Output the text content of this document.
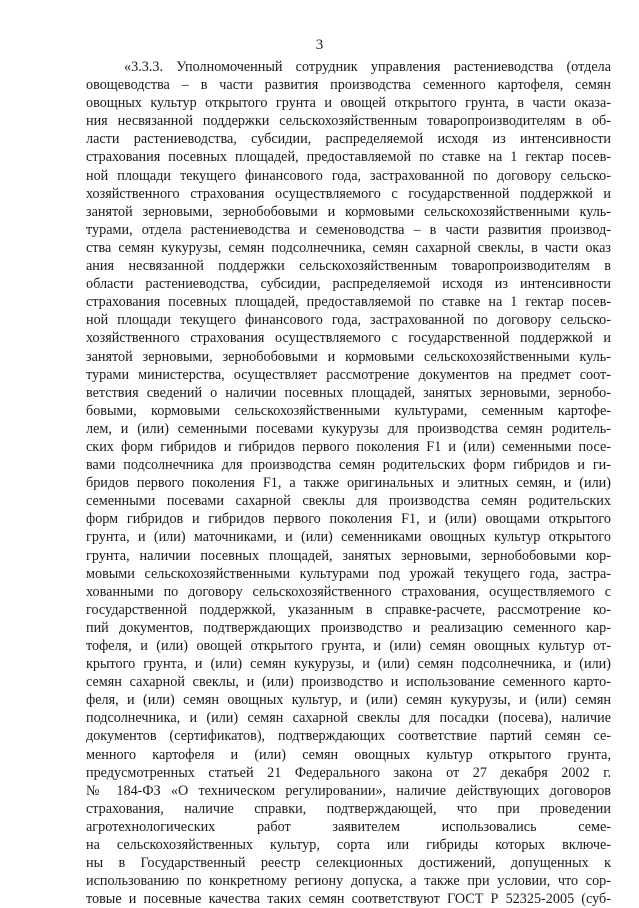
3
«3.3.3. Уполномоченный сотрудник управления растениеводства (отдела
овощеводства – в части развития производства семенного картофеля, семян
овощных культур открытого грунта и овощей открытого грунта, в части оказа-
ния несвязанной поддержки сельскохозяйственным товаропроизводителям в об-
ласти растениеводства, субсидии, распределяемой исходя из интенсивности
страхования посевных площадей, предоставляемой по ставке на 1 гектар посев-
ной площади текущего финансового года, застрахованной по договору сельско-
хозяйственного страхования осуществляемого с государственной поддержкой и
занятой зерновыми, зернобобовыми и кормовыми сельскохозяйственными куль-
турами, отдела растениеводства и семеноводства – в части развития производ-
ства семян кукурузы, семян подсолнечника, семян сахарной свеклы, в части оказ
ания несвязанной поддержки сельскохозяйственным товаропроизводителям в
области растениеводства, субсидии, распределяемой исходя из интенсивности
страхования посевных площадей, предоставляемой по ставке на 1 гектар посев-
ной площади текущего финансового года, застрахованной по договору сельско-
хозяйственного страхования осуществляемого с государственной поддержкой и
занятой зерновыми, зернобобовыми и кормовыми сельскохозяйственными куль-
турами министерства, осуществляет рассмотрение документов на предмет соот-
ветствия сведений о наличии посевных площадей, занятых зерновыми, зернобо-
бовыми, кормовыми сельскохозяйственными культурами, семенным картофе-
лем, и (или) семенными посевами кукурузы для производства семян родитель-
ских форм гибридов и гибридов первого поколения F1 и (или) семенными посе-
вами подсолнечника для производства семян родительских форм гибридов и ги-
бридов первого поколения F1, а также оригинальных и элитных семян, и (или)
семенными посевами сахарной свеклы для производства семян родительских
форм гибридов и гибридов первого поколения F1, и (или) овощами открытого
грунта, и (или) маточниками, и (или) семенниками овощных культур открытого
грунта, наличии посевных площадей, занятых зерновыми, зернобобовыми кор-
мовыми сельскохозяйственными культурами под урожай текущего года, застра-
хованными по договору сельскохозяйственного страхования, осуществляемого с
государственной поддержкой, указанным в справке-расчете, рассмотрение ко-
пий документов, подтверждающих производство и реализацию семенного кар-
тофеля, и (или) овощей открытого грунта, и (или) семян овощных культур от-
крытого грунта, и (или) семян кукурузы, и (или) семян подсолнечника, и (или)
семян сахарной свеклы, и (или) производство и использование семенного карто-
феля, и (или) семян овощных культур, и (или) семян кукурузы, и (или) семян
подсолнечника, и (или) семян сахарной свеклы для посадки (посева), наличие
документов (сертификатов), подтверждающих соответствие партий семян се-
менного картофеля и (или) семян овощных культур открытого грунта,
предусмотренных статьей 21 Федерального закона от 27 декабря 2002 г.
№ 184-ФЗ «О техническом регулировании», наличие действующих договоров
страхования, наличие справки, подтверждающей, что при проведении
агротехнологических работ заявителем использовались семе-
на сельскохозяйственных культур, сорта или гибриды которых включе-
ны в Государственный реестр селекционных достижений, допущенных к
использованию по конкретному региону допуска, а также при условии, что сор-
товые и посевные качества таких семян соответствуют ГОСТ Р 52325-2005 (суб-
